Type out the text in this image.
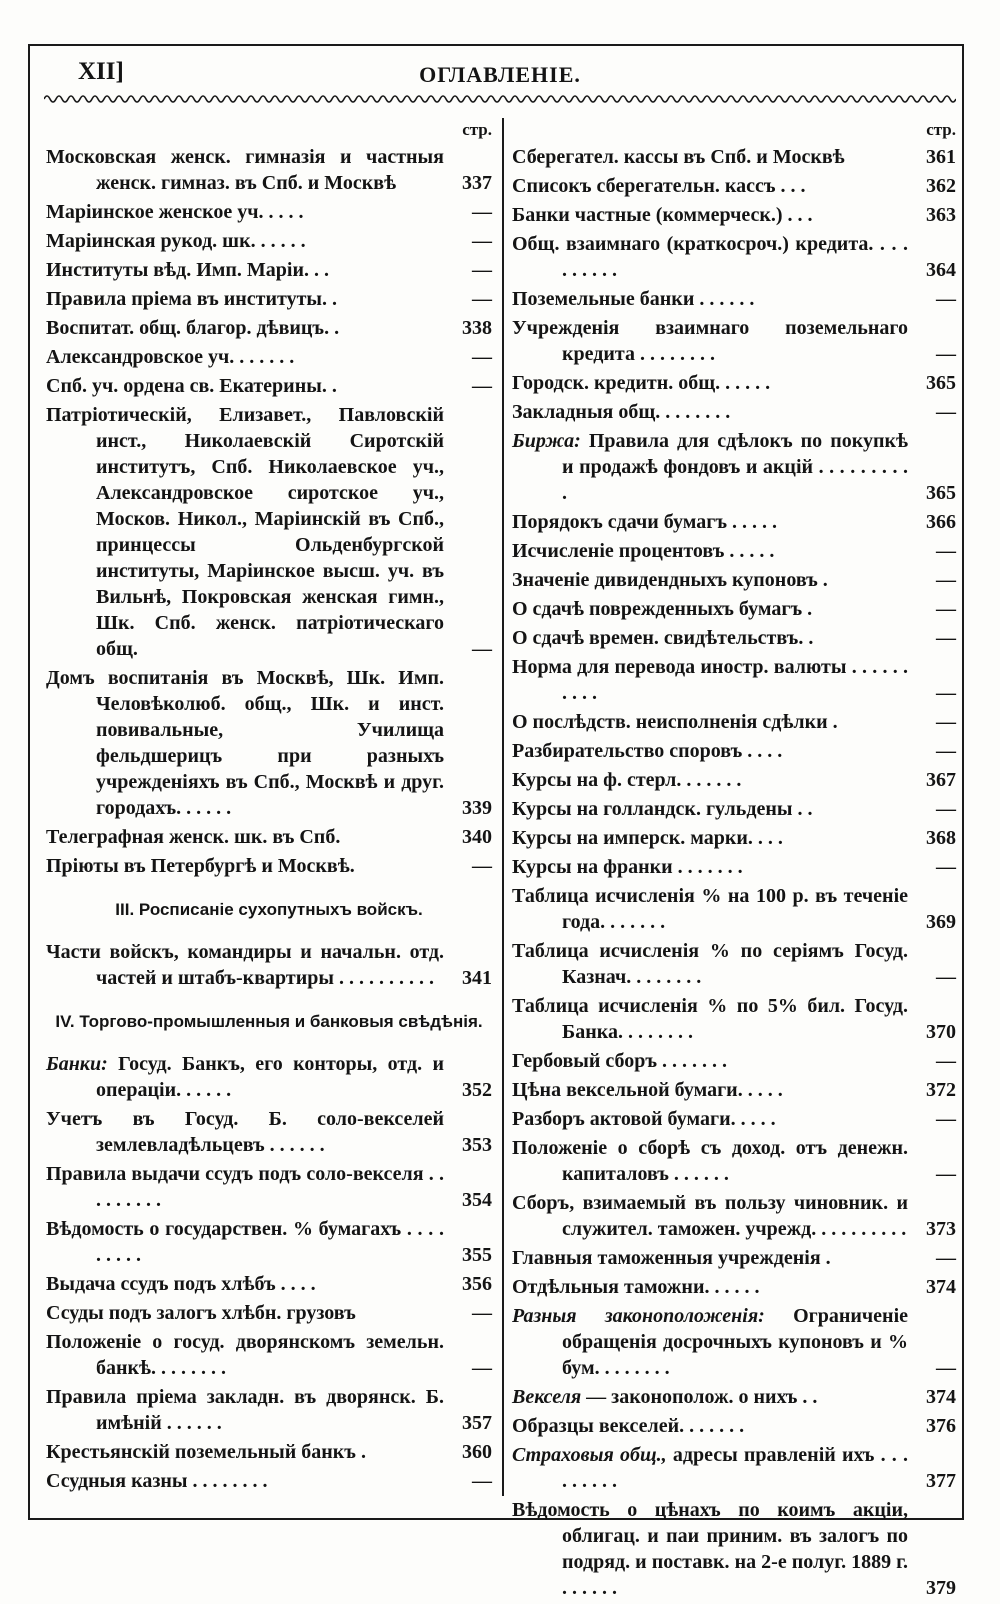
XII]	ОГЛАВЛЕНІЕ.
стр.
Московская женск. гимназія и частныя женск. гимназ. въ Спб. и Москвѣ	337
Маріинское женское уч. . . . .	—
Маріинская рукод. шк. . . . . .	—
Институты вѣд. Имп. Маріи. . .	—
Правила пріема въ институты. .	—
Воспитат. общ. благор. дѣвицъ. .	338
Александровское уч. . . . . . .	—
Спб. уч. ордена св. Екатерины. .	—
Патріотическій, Елизавет., Павловскій инст., Николаевскій Сиротскій институтъ, Спб. Николаевское уч., Александровское сиротское уч., Москов. Никол., Маріинскій въ Спб., принцессы Ольденбургской институты, Маріинское высш. уч. въ Вильнѣ, Покровская женская гимн., Шк. Спб. женск. патріотическаго общ.	—
Домъ воспитанія въ Москвѣ, Шк. Имп. Человѣколюб. общ., Шк. и инст. повивальные, Училища фельдшерицъ при разныхъ учрежденіяхъ въ Спб., Москвѣ и друг. городахъ. . . . . .	339
Телеграфная женск. шк. въ Спб.	340
Пріюты въ Петербургѣ и Москвѣ.	—
III. Росписаніе сухопутныхъ войскъ.
Части войскъ, командиры и начальн. отд. частей и штабъ-квартиры . . . . . . . . . .	341
IV. Торгово-промышленныя и банковыя свѣдѣнія.
Банки: Госуд. Банкъ, его конторы, отд. и операціи. . . . . .	352
Учетъ въ Госуд. Б. соло-векселей землевладѣльцевъ . . . . . .	353
Правила выдачи ссудъ подъ соло-векселя . . . . . . . . .	354
Вѣдомость о государствен. % бумагахъ . . . . . . . . .	355
Выдача ссудъ подъ хлѣбъ . . . .	356
Ссуды подъ залогъ хлѣбн. грузовъ	—
Положеніе о госуд. дворянскомъ земельн. банкѣ. . . . . . . .	—
Правила пріема закладн. въ дворянск. Б. имѣній . . . . . .	357
Крестьянскій поземельный банкъ .	360
Ссудныя казны . . . . . . . .	—
стр.
Сберегател. кассы въ Спб. и Москвѣ	361
Списокъ сберегательн. кассъ . . .	362
Банки частные (коммерческ.) . . .	363
Общ. взаимнаго (краткосроч.) кредита. . . . . . . . . .	364
Поземельные банки . . . . . .	—
Учрежденія взаимнаго поземельнаго кредита . . . . . . . .	—
Городск. кредитн. общ. . . . . .	365
Закладныя общ. . . . . . . .	—
Биржа: Правила для сдѣлокъ по покупкѣ и продажѣ фондовъ и акцій . . . . . . . . . .	365
Порядокъ сдачи бумагъ . . . . .	366
Исчисленіе процентовъ . . . . .	—
Значеніе дивидендныхъ купоновъ .	—
О сдачѣ поврежденныхъ бумагъ .	—
О сдачѣ времен. свидѣтельствъ. .	—
Норма для перевода иностр. валюты . . . . . . . . . .	—
О послѣдств. неисполненія сдѣлки .	—
Разбирательство споровъ . . . .	—
Курсы на ф. стерл. . . . . . .	367
Курсы на голландск. гульдены . .	—
Курсы на имперск. марки. . . .	368
Курсы на франки . . . . . . .	—
Таблица исчисленія % на 100 р. въ теченіе года. . . . . . .	369
Таблица исчисленія % по серіямъ Госуд. Казнач. . . . . . . .	—
Таблица исчисленія % по 5% бил. Госуд. Банка. . . . . . . .	370
Гербовый сборъ . . . . . . .	—
Цѣна вексельной бумаги. . . . .	372
Разборъ актовой бумаги. . . . .	—
Положеніе о сборѣ съ доход. отъ денежн. капиталовъ . . . . . .	—
Сборъ, взимаемый въ пользу чиновник. и служител. таможен. учрежд. . . . . . . . . . 373
Главныя таможенныя учрежденія .	—
Отдѣльныя таможни. . . . . .	374
Разныя законоположенія: Ограниченіе обращенія досрочныхъ купоновъ и % бум. . . . . . . .	—
Векселя — законополож. о нихъ . .	374
Образцы векселей. . . . . . .	376
Страховыя общ., адресы правленій ихъ . . . . . . . . .	377
Вѣдомость о цѣнахъ по коимъ акціи, облигац. и паи приним. въ залогъ по подряд. и поставк. на 2-е полуг. 1889 г. . . . . . .	379
